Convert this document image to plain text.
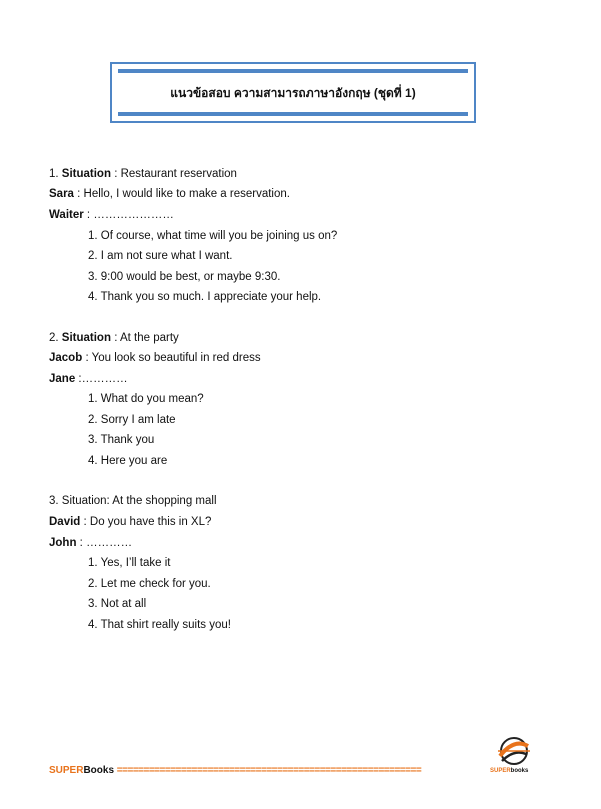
แนวข้อสอบ ความสามารถภาษาอังกฤษ (ชุดที่ 1)
1. Situation : Restaurant reservation
Sara : Hello, I would like to make a reservation.
Waiter : …………………
1. Of course, what time will you be joining us on?
2. I am not sure what I want.
3. 9:00 would be best, or maybe 9:30.
4. Thank you so much. I appreciate your help.
2. Situation : At the party
Jacob : You look so beautiful in red dress
Jane :…………
1. What do you mean?
2. Sorry I am late
3. Thank you
4. Here you are
3. Situation: At the shopping mall
David : Do you have this in XL?
John : …………
1. Yes, I’ll take it
2. Let me check for you.
3. Not at all
4. That shirt really suits you!
SUPERBooks =========================================================	SUPERbooks
